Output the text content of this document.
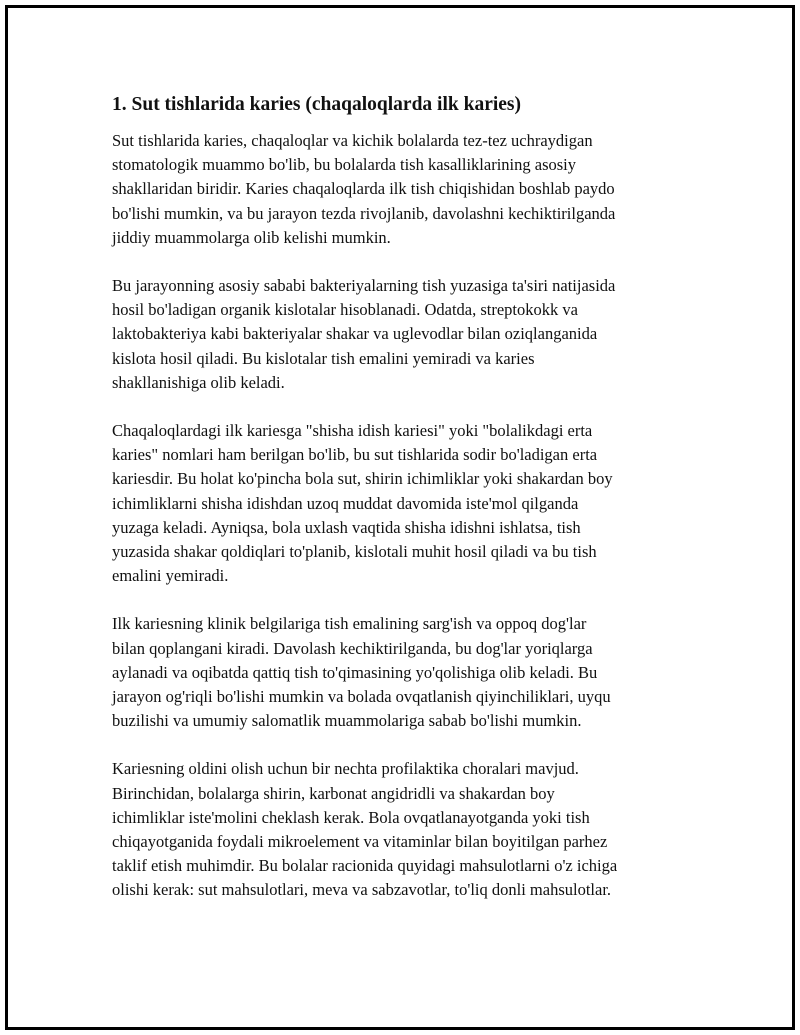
1. Sut tishlarida karies (chaqaloqlarda ilk karies)

Sut tishlarida karies, chaqaloqlar va kichik bolalarda tez-tez uchraydigan
stomatologik muammo bo'lib, bu bolalarda tish kasalliklarining asosiy
shakllaridan biridir. Karies chaqaloqlarda ilk tish chiqishidan boshlab paydo
bo'lishi mumkin, va bu jarayon tezda rivojlanib, davolashni kechiktirilganda
jiddiy muammolarga olib kelishi mumkin.

Bu jarayonning asosiy sababi bakteriyalarning tish yuzasiga ta'siri natijasida
hosil bo'ladigan organik kislotalar hisoblanadi. Odatda, streptokokk va
laktobakteriya kabi bakteriyalar shakar va uglevodlar bilan oziqlanganida
kislota hosil qiladi. Bu kislotalar tish emalini yemiradi va karies
shakllanishiga olib keladi.

Chaqaloqlardagi ilk kariesga "shisha idish kariesi" yoki "bolalikdagi erta
karies" nomlari ham berilgan bo'lib, bu sut tishlarida sodir bo'ladigan erta
kariesdir. Bu holat ko'pincha bola sut, shirin ichimliklar yoki shakardan boy
ichimliklarni shisha idishdan uzoq muddat davomida iste'mol qilganda
yuzaga keladi. Ayniqsa, bola uxlash vaqtida shisha idishni ishlatsa, tish
yuzasida shakar qoldiqlari to'planib, kislotali muhit hosil qiladi va bu tish
emalini yemiradi.

Ilk kariesning klinik belgilariga tish emalining sarg'ish va oppoq dog'lar
bilan qoplangani kiradi. Davolash kechiktirilganda, bu dog'lar yoriqlarga
aylanadi va oqibatda qattiq tish to'qimasining yo'qolishiga olib keladi. Bu
jarayon og'riqli bo'lishi mumkin va bolada ovqatlanish qiyinchiliklari, uyqu
buzilishi va umumiy salomatlik muammolariga sabab bo'lishi mumkin.

Kariesning oldini olish uchun bir nechta profilaktika choralari mavjud.
Birinchidan, bolalarga shirin, karbonat angidridli va shakardan boy
ichimliklar iste'molini cheklash kerak. Bola ovqatlanayotganda yoki tish
chiqayotganida foydali mikroelement va vitaminlar bilan boyitilgan parhez
taklif etish muhimdir. Bu bolalar racionida quyidagi mahsulotlarni o'z ichiga
olishi kerak: sut mahsulotlari, meva va sabzavotlar, to'liq donli mahsulotlar.
